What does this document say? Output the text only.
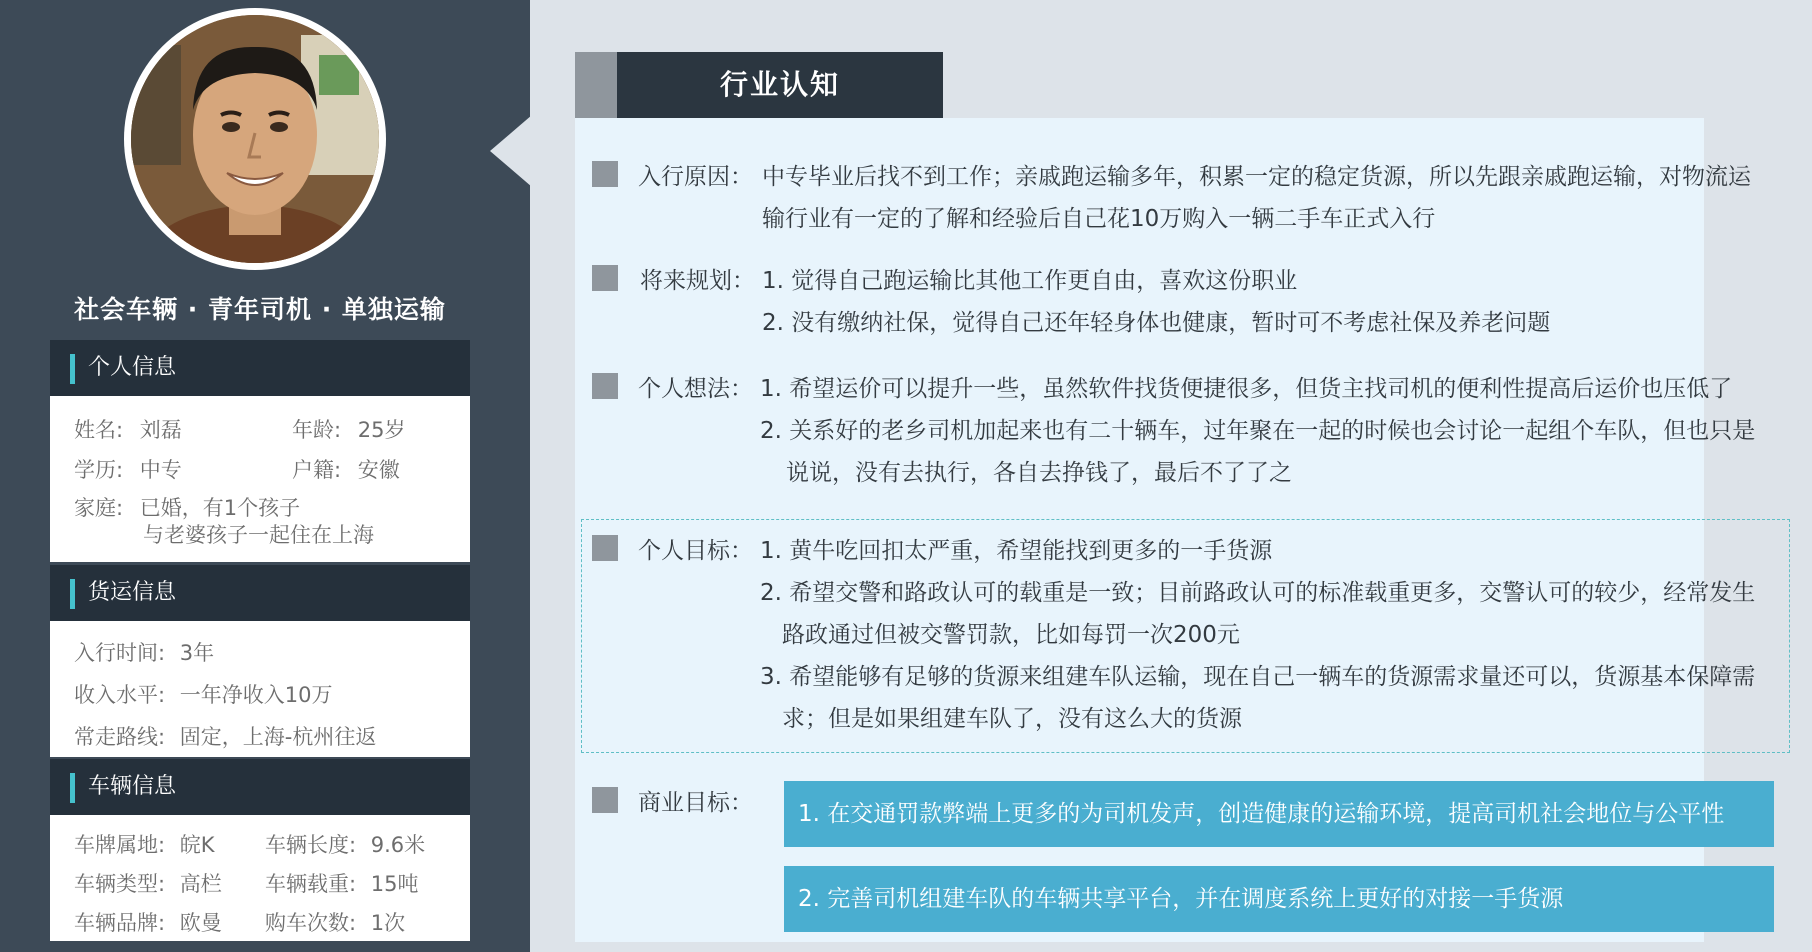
社会车辆 · 青年司机 · 单独运输
个人信息
姓名: 刘磊	年龄: 25岁
学历: 中专	户籍: 安徽
家庭: 已婚，有1个孩子
与老婆孩子一起住在上海
货运信息
入行时间: 3年
收入水平: 一年净收入10万
常走路线: 固定，上海-杭州往返
车辆信息
车牌属地: 皖K 车辆长度: 9.6米
车辆类型: 高栏 车辆载重: 15吨
车辆品牌: 欧曼 购车次数: 1次
行业认知
入行原因： 中专毕业后找不到工作；亲戚跑运输多年，积累一定的稳定货源，所以先跟亲戚跑运输，对物流运
输行业有一定的了解和经验后自己花10万购入一辆二手车正式入行
将来规划： 1. 觉得自己跑运输比其他工作更自由，喜欢这份职业
2. 没有缴纳社保，觉得自己还年轻身体也健康，暂时可不考虑社保及养老问题
个人想法： 1. 希望运价可以提升一些，虽然软件找货便捷很多，但货主找司机的便利性提高后运价也压低了
2. 关系好的老乡司机加起来也有二十辆车，过年聚在一起的时候也会讨论一起组个车队，但也只是
说说，没有去执行，各自去挣钱了，最后不了了之
个人目标： 1. 黄牛吃回扣太严重，希望能找到更多的一手货源
2. 希望交警和路政认可的载重是一致；目前路政认可的标准载重更多，交警认可的较少，经常发生
路政通过但被交警罚款，比如每罚一次200元
3. 希望能够有足够的货源来组建车队运输，现在自己一辆车的货源需求量还可以，货源基本保障需
求；但是如果组建车队了，没有这么大的货源
商业目标：	1. 在交通罚款弊端上更多的为司机发声，创造健康的运输环境，提高司机社会地位与公平性
2. 完善司机组建车队的车辆共享平台，并在调度系统上更好的对接一手货源
